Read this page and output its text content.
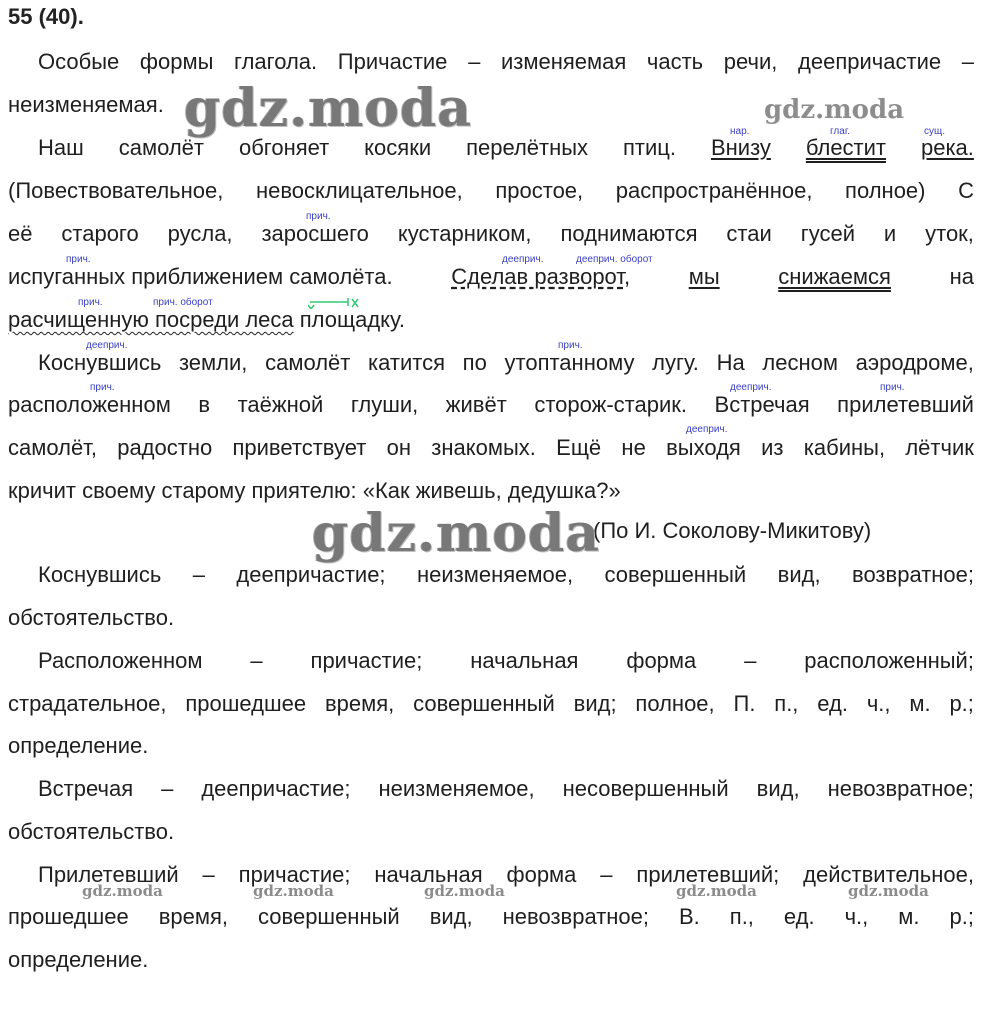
55 (40).
Особые формы глагола. Причастие – изменяемая часть речи, деепричастие –
неизменяемая.
нар.	глаг.	сущ.
Наш самолёт обгоняет косяки перелётных птиц. Внизу блестит река.
(Повествовательное, невосклицательное, простое, распространённое, полное) С
прич.
её старого русла, заросшего кустарником, поднимаются стаи гусей и уток,
прич.	дееприч.	дееприч. оборот
испуганных приближением самолёта.	Сделав разворот,	мы	снижаемся	на
прич.	прич. оборот
расчищенную посреди леса площадку.
дееприч.	прич.
Коснувшись земли, самолёт катится по утоптанному лугу. На лесном аэродроме,
прич.	дееприч.	прич.
расположенном в таёжной глуши, живёт сторож-старик. Встречая прилетевший
дееприч.
самолёт, радостно приветствует он знакомых. Ещё не выходя из кабины, лётчик
кричит своему старому приятелю: «Как живешь, дедушка?»
(По И. Соколову-Микитову)
Коснувшись – деепричастие; неизменяемое, совершенный вид, возвратное;
обстоятельство.
Расположенном – причастие; начальная форма – расположенный;
страдательное, прошедшее время, совершенный вид; полное, П. п., ед. ч., м. р.;
определение.
Встречая – деепричастие; неизменяемое, несовершенный вид, невозвратное;
обстоятельство.
Прилетевший – причастие; начальная форма – прилетевший; действительное,
прошедшее время, совершенный вид, невозвратное; В. п., ед. ч., м. р.;
определение.
gdz.moda	gdz.moda
gdz.moda
gdz.moda	gdz.moda	gdz.moda	gdz.moda	gdz.moda
